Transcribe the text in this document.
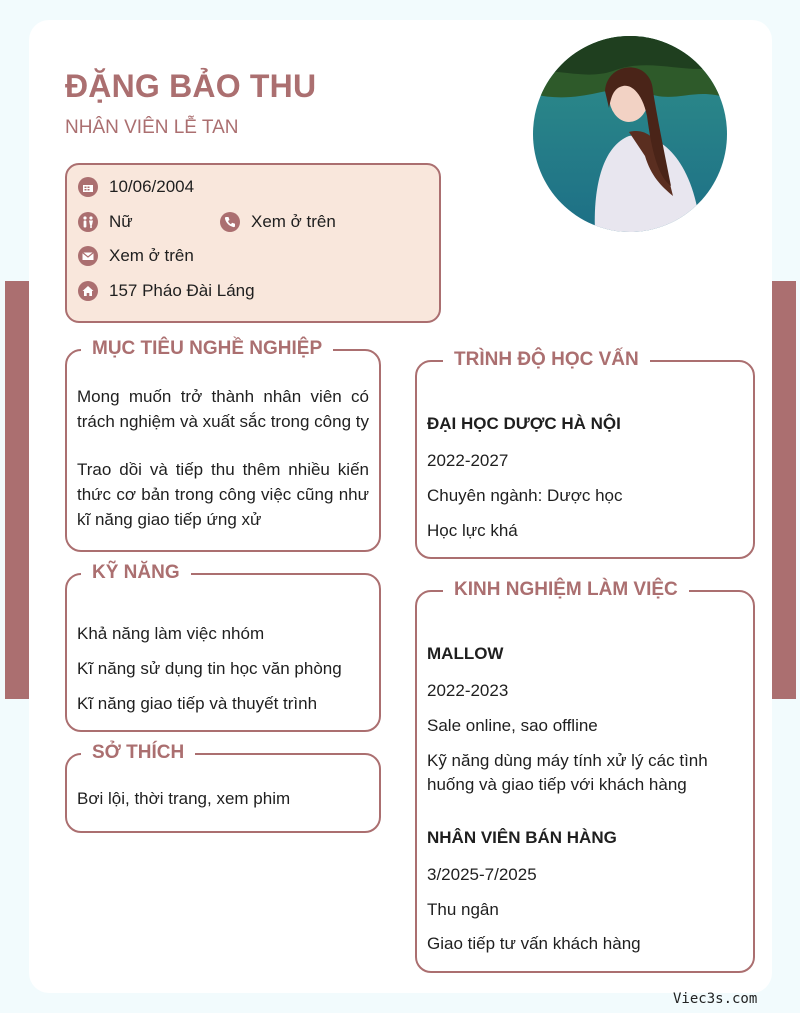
ĐẶNG BẢO THU
NHÂN VIÊN LỄ TAN
10/06/2004
Nữ	Xem ở trên
Xem ở trên
157 Pháo Đài Láng
MỤC TIÊU NGHỀ NGHIỆP
Mong muốn trở thành nhân viên có trách nghiệm và xuất sắc trong công ty
Trao dồi và tiếp thu thêm nhiều kiến thức cơ bản trong công việc cũng như kĩ năng giao tiếp ứng xử
KỸ NĂNG
Khả năng làm việc nhóm
Kĩ năng sử dụng tin học văn phòng
Kĩ năng giao tiếp và thuyết trình
SỞ THÍCH
Bơi lội, thời trang, xem phim
TRÌNH ĐỘ HỌC VẤN
ĐẠI HỌC DƯỢC HÀ NỘI
2022-2027
Chuyên ngành: Dược học
Học lực khá
KINH NGHIỆM LÀM VIỆC
MALLOW
2022-2023
Sale online, sao offline
Kỹ năng dùng máy tính xử lý các tình huống và giao tiếp với khách hàng
NHÂN VIÊN BÁN HÀNG
3/2025-7/2025
Thu ngân
Giao tiếp tư vấn khách hàng
Viec3s.com
